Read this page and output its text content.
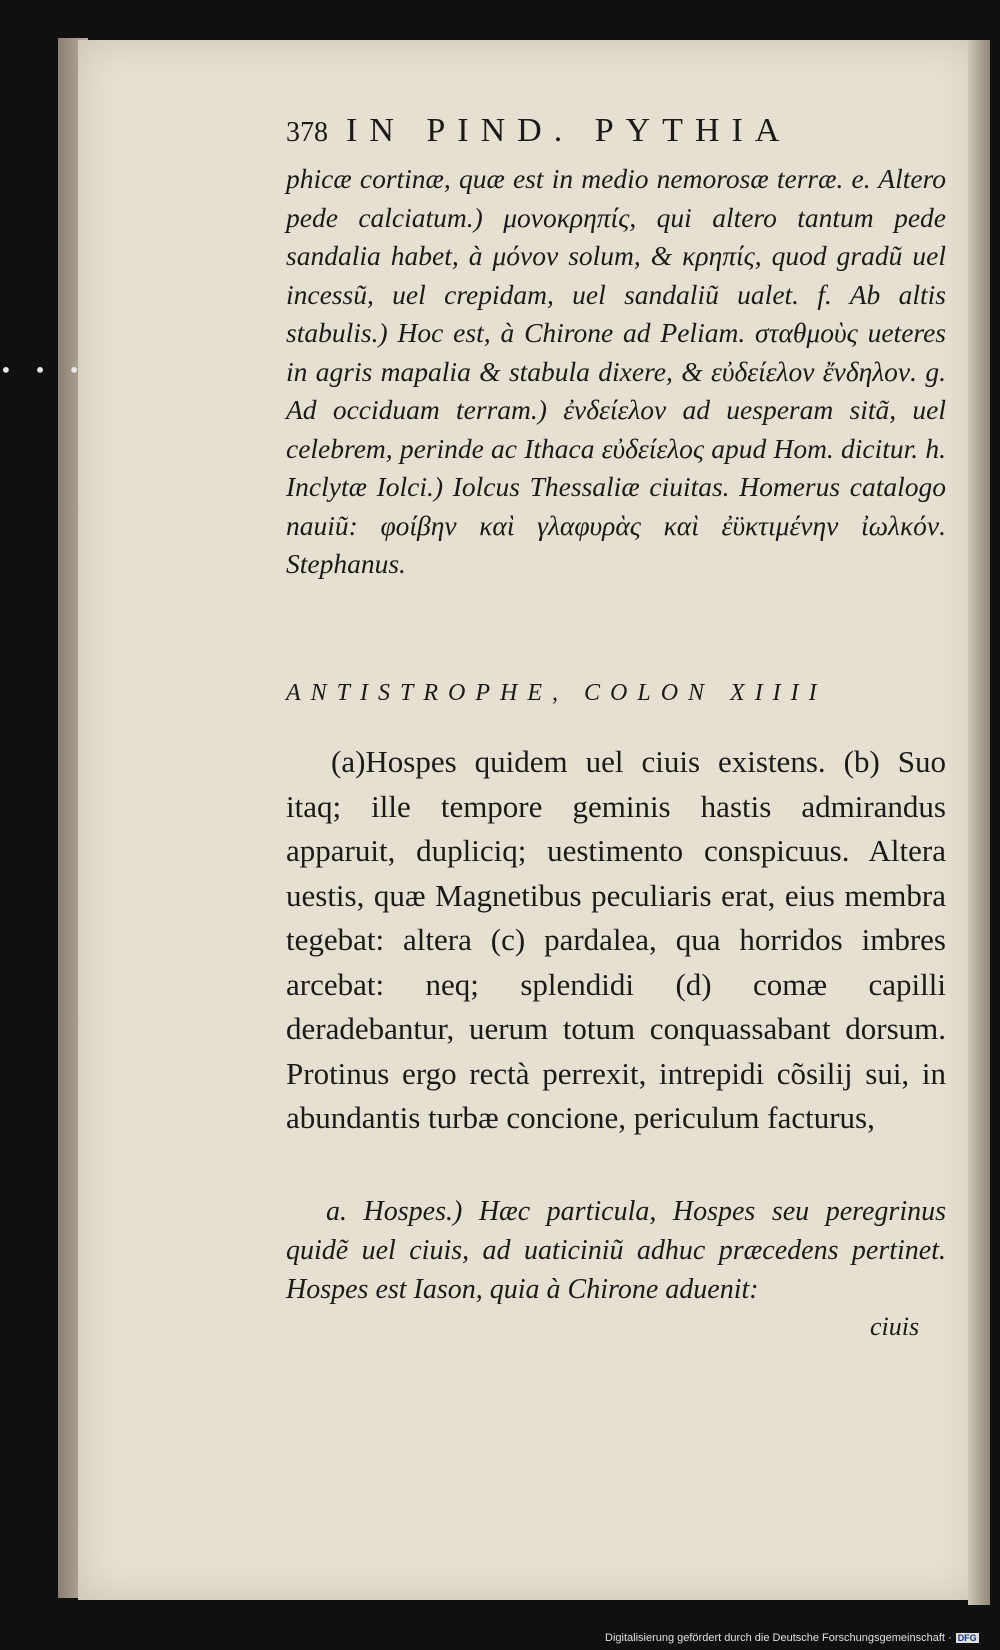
• • •
378 IN PIND. PYTHIA

phicæ cortinæ, quæ est in medio nemorosæ terræ. e. Altero pede calciatum.) μονοκρηπίς, qui altero tantum pede sandalia habet, à μόνον solum, & κρηπίς, quod gradũ uel incessũ, uel crepidam, uel sandaliũ ualet. f. Ab altis stabulis.) Hoc est, à Chirone ad Peliam. σταθμοὺς ueteres in agris mapalia & stabula dixere, & εὐδείελον ἔνδηλον. g. Ad occiduam terram.) ἐνδείελον ad uesperam sitã, uel celebrem, perinde ac Ithaca εὐδείελος apud Hom. dicitur. h. Inclytæ Iolci.) Iolcus Thessaliæ ciuitas. Homerus catalogo nauiũ: φοίβην καὶ γλαφυρὰς καὶ ἐϋκτιμένην ἰωλκόν. Stephanus.

ANTISTROPHE, COLON XIIII

(a)Hospes quidem uel ciuis existens. (b) Suo itaq; ille tempore geminis hastis admirandus apparuit, dupliciq; uestimento conspicuus. Altera uestis, quæ Magnetibus peculiaris erat, eius membra tegebat: altera (c) pardalea, qua horridos imbres arcebat: neq; splendidi (d) comæ capilli deradebantur, uerum totum conquassabant dorsum. Protinus ergo rectà perrexit, intrepidi cõsilij sui, in abundantis turbæ concione, periculum facturus,

a. Hospes.) Hæc particula, Hospes seu peregrinus quidẽ uel ciuis, ad uaticiniũ adhuc præcedens pertinet. Hospes est Iason, quia à Chirone aduenit:

ciuis
Digitalisierung gefördert durch die Deutsche Forschungsgemeinschaft · DFG
